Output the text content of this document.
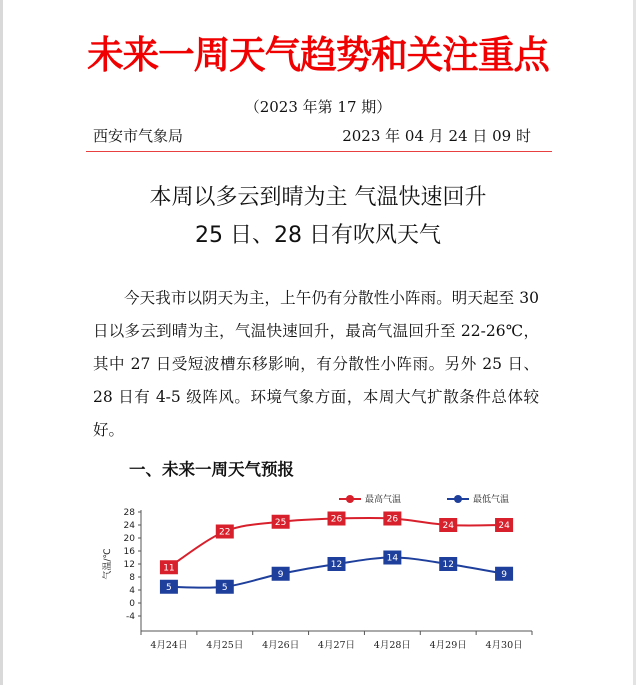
未来一周天气趋势和关注重点
（2023 年第 17 期）
西安市气象局	2023 年 04 月 24 日 09 时
本周以多云到晴为主 气温快速回升
25 日、28 日有吹风天气
今天我市以阴天为主，上午仍有分散性小阵雨。明天起至 30 日以多云到晴为主，气温快速回升，最高气温回升至 22-26℃，其中 27 日受短波槽东移影响，有分散性小阵雨。另外 25 日、28 日有 4-5 级阵风。环境气象方面，本周大气扩散条件总体较好。
一、未来一周天气预报
-4
0
4
8
12
16
20
24
28
气温/℃
4月24日 4月25日 4月26日 4月27日 4月28日 4月29日 4月30日
11
22
25	26	26
24	24
5	5
9
12
14
12
9
最高气温	最低气温
